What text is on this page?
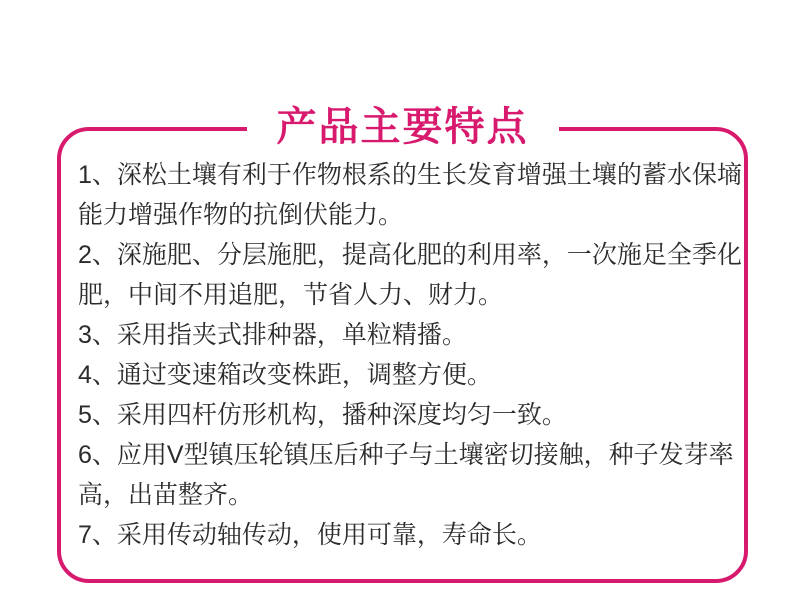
产品主要特点

1、深松土壤有利于作物根系的生长发育增强土壤的蓄水保墒能力增强作物的抗倒伏能力。

2、深施肥、分层施肥，提高化肥的利用率，一次施足全季化肥，中间不用追肥，节省人力、财力。

3、采用指夹式排种器，单粒精播。

4、通过变速箱改变株距，调整方便。

5、采用四杆仿形机构，播种深度均匀一致。

6、应用V型镇压轮镇压后种子与土壤密切接触，种子发芽率高，出苗整齐。

7、采用传动轴传动，使用可靠，寿命长。
